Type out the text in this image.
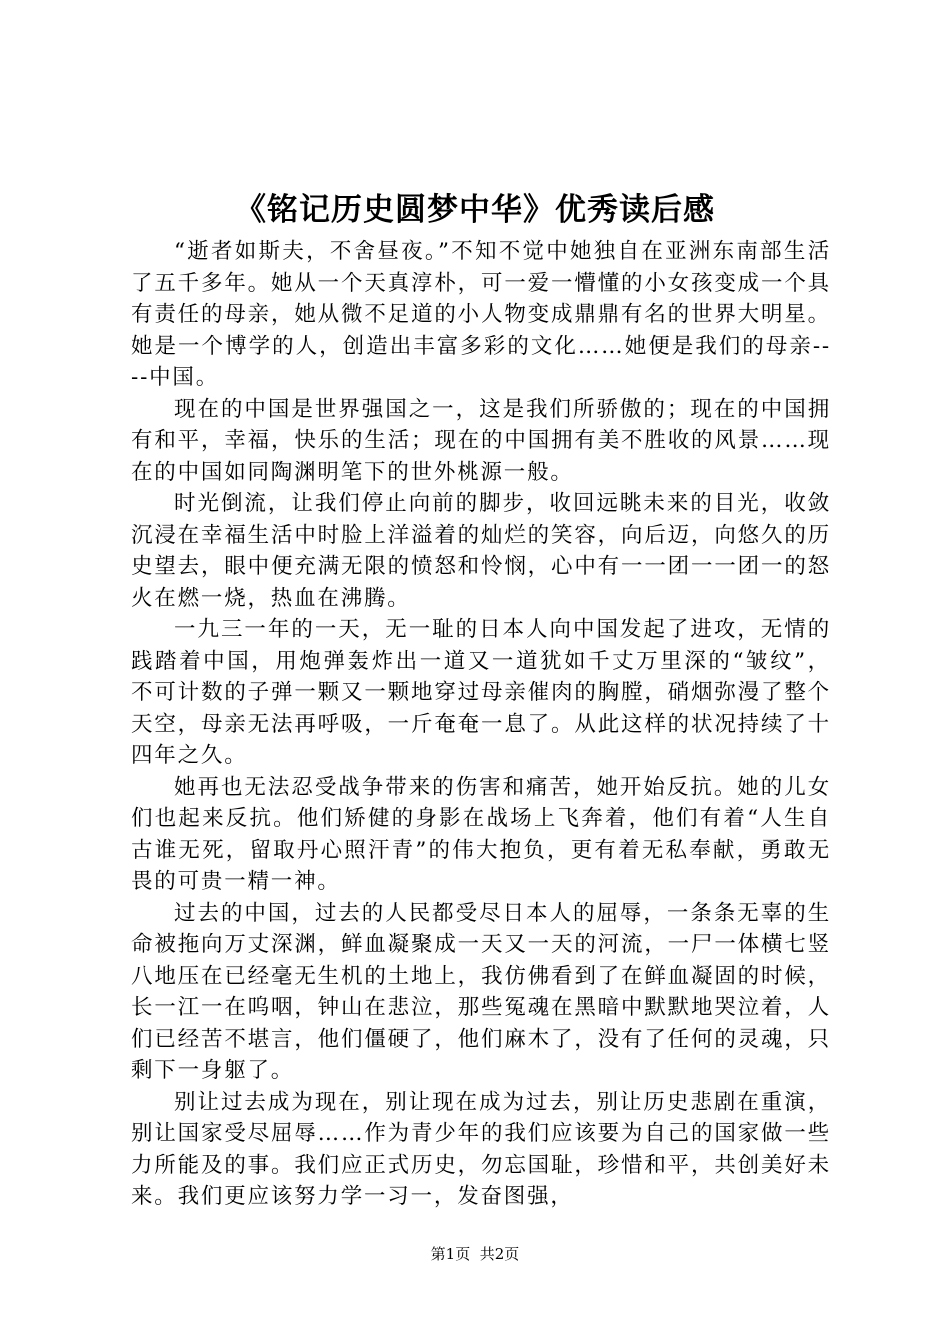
《铭记历史圆梦中华》优秀读后感

“逝者如斯夫，不舍昼夜。”不知不觉中她独自在亚洲东南部生活了五千多年。她从一个天真淳朴，可一爱一懵懂的小女孩变成一个具有责任的母亲，她从微不足道的小人物变成鼎鼎有名的世界大明星。她是一个博学的人，创造出丰富多彩的文化……她便是我们的母亲----中国。

现在的中国是世界强国之一，这是我们所骄傲的；现在的中国拥有和平，幸福，快乐的生活；现在的中国拥有美不胜收的风景……现在的中国如同陶渊明笔下的世外桃源一般。

时光倒流，让我们停止向前的脚步，收回远眺未来的目光，收敛沉浸在幸福生活中时脸上洋溢着的灿烂的笑容，向后迈，向悠久的历史望去，眼中便充满无限的愤怒和怜悯，心中有一一团一一团一的怒火在燃一烧，热血在沸腾。

一九三一年的一天，无一耻的日本人向中国发起了进攻，无情的践踏着中国，用炮弹轰炸出一道又一道犹如千丈万里深的“皱纹”，不可计数的子弹一颗又一颗地穿过母亲催肉的胸膛，硝烟弥漫了整个天空，母亲无法再呼吸，一斤奄奄一息了。从此这样的状况持续了十四年之久。

她再也无法忍受战争带来的伤害和痛苦，她开始反抗。她的儿女们也起来反抗。他们矫健的身影在战场上飞奔着，他们有着“人生自古谁无死，留取丹心照汗青”的伟大抱负，更有着无私奉献，勇敢无畏的可贵一精一神。

过去的中国，过去的人民都受尽日本人的屈辱，一条条无辜的生命被拖向万丈深渊，鲜血凝聚成一天又一天的河流，一尸一体横七竖八地压在已经毫无生机的土地上，我仿佛看到了在鲜血凝固的时候，长一江一在呜咽，钟山在悲泣，那些冤魂在黑暗中默默地哭泣着，人们已经苦不堪言，他们僵硬了，他们麻木了，没有了任何的灵魂，只剩下一身躯了。

别让过去成为现在，别让现在成为过去，别让历史悲剧在重演，别让国家受尽屈辱……作为青少年的我们应该要为自己的国家做一些力所能及的事。我们应正式历史，勿忘国耻，珍惜和平，共创美好未来。我们更应该努力学一习一，发奋图强，

第1页 共2页
